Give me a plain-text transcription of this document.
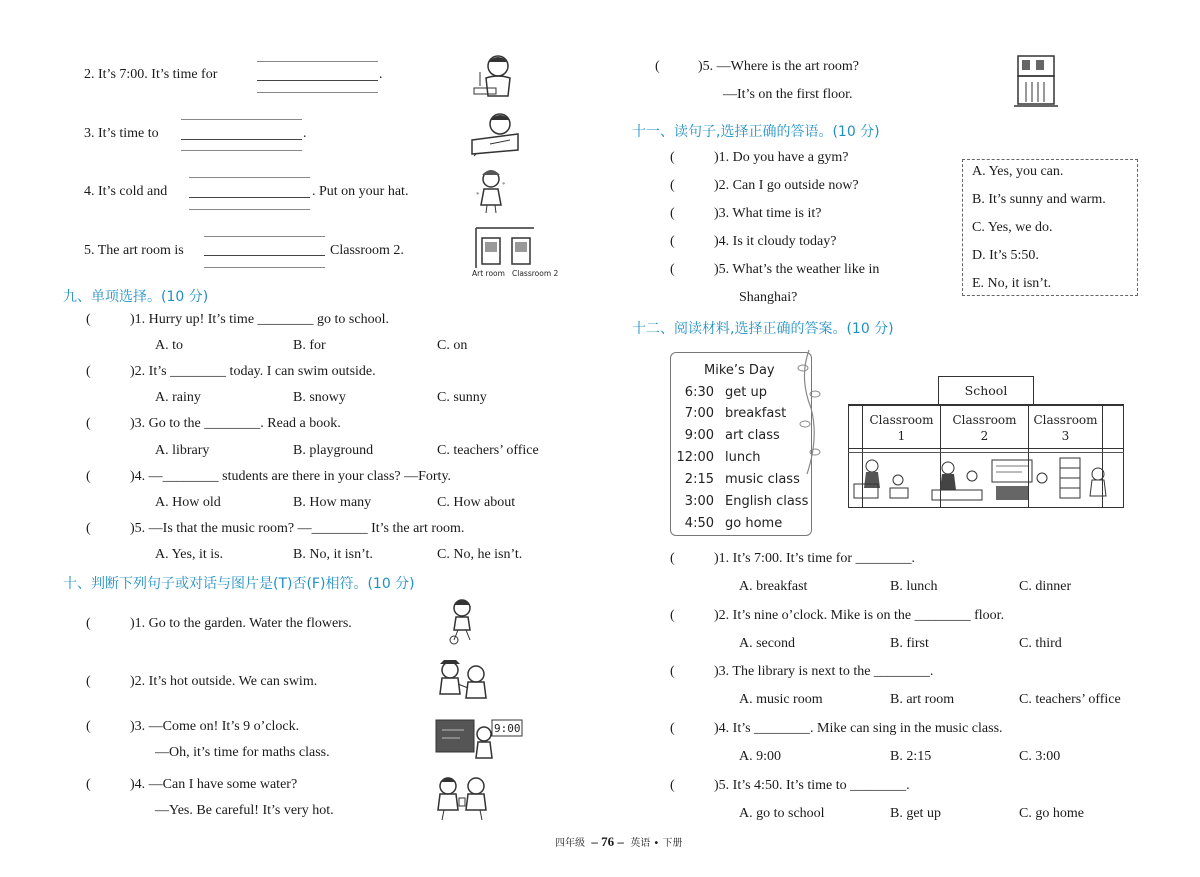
2. It’s 7:00. It’s time for	.
3. It’s time to	.
4. It’s cold and	. Put on your hat.
5. The art room is	Classroom 2.
*
*
Art room Classroom 2
九、单项选择。(10 分)
(	)1. Hurry up! It’s time ________ go to school.
A. to	B. for	C. on
(	)2. It’s ________ today. I can swim outside.
A. rainy	B. snowy	C. sunny
(	)3. Go to the ________. Read a book.
A. library	B. playground	C. teachers’ office
(	)4. —________ students are there in your class? —Forty.
A. How old	B. How many	C. How about
(	)5. —Is that the music room? —________ It’s the art room.
A. Yes, it is.	B. No, it isn’t.	C. No, he isn’t.
十、判断下列句子或对话与图片是(T)否(F)相符。(10 分)
(	)1. Go to the garden. Water the flowers.
(	)2. It’s hot outside. We can swim.
(	)3. —Come on! It’s 9 o’clock.
—Oh, it’s time for maths class.
(	)4. —Can I have some water?
—Yes. Be careful! It’s very hot.
9:00
(	)5. —Where is the art room?
—It’s on the first floor.
十一、读句子,选择正确的答语。(10 分)
(	)1. Do you have a gym?
(	)2. Can I go outside now?
(	)3. What time is it?
(	)4. Is it cloudy today?
(	)5. What’s the weather like in
Shanghai?
A. Yes, you can.
B. It’s sunny and warm.
C. Yes, we do.
D. It’s 5:50.
E. No, it isn’t.
十二、阅读材料,选择正确的答案。(10 分)
Mike’s Day
6:30 get up
7:00 breakfast
9:00 art class
12:00 lunch
2:15 music class
3:00 English class
4:50 go home
School
Classroom
1
Classroom
2
Classroom
3
(	)1. It’s 7:00. It’s time for ________.
A. breakfast	B. lunch	C. dinner
(	)2. It’s nine o’clock. Mike is on the ________ floor.
A. second	B. first	C. third
(	)3. The library is next to the ________.
A. music room	B. art room	C. teachers’ office
(	)4. It’s ________. Mike can sing in the music class.
A. 9:00	B. 2:15	C. 3:00
(	)5. It’s 4:50. It’s time to ________.
A. go to school	B. get up	C. go home
四年级 – 76 – 英语 • 下册
